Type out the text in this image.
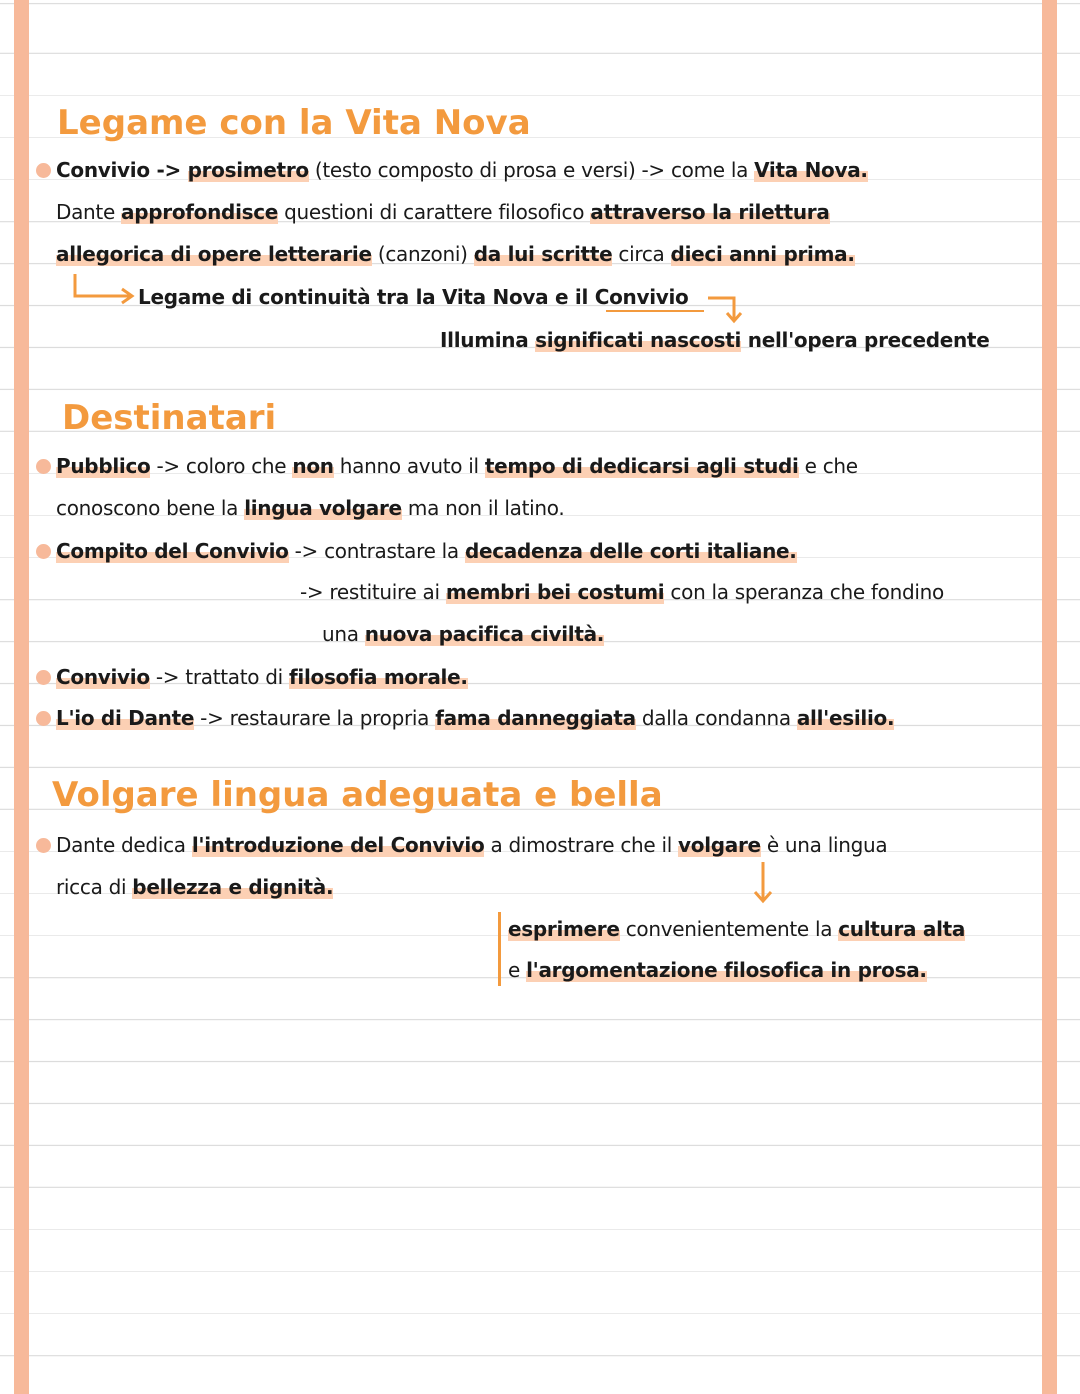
Legame con la Vita Nova
Convivio -> prosimetro (testo composto di prosa e versi) -> come la Vita Nova.
Dante approfondisce questioni di carattere filosofico attraverso la rilettura
allegorica di opere letterarie (canzoni) da lui scritte circa dieci anni prima.
Legame di continuità tra la Vita Nova e il Convivio
Illumina significati nascosti nell'opera precedente
Destinatari
Pubblico -> coloro che non hanno avuto il tempo di dedicarsi agli studi e che
conoscono bene la lingua volgare ma non il latino.
Compito del Convivio -> contrastare la decadenza delle corti italiane.
-> restituire ai membri bei costumi con la speranza che fondino
una nuova pacifica civiltà.
Convivio -> trattato di filosofia morale.
L'io di Dante -> restaurare la propria fama danneggiata dalla condanna all'esilio.
Volgare lingua adeguata e bella
Dante dedica l'introduzione del Convivio a dimostrare che il volgare è una lingua
ricca di bellezza e dignità.
esprimere convenientemente la cultura alta
e l'argomentazione filosofica in prosa.
